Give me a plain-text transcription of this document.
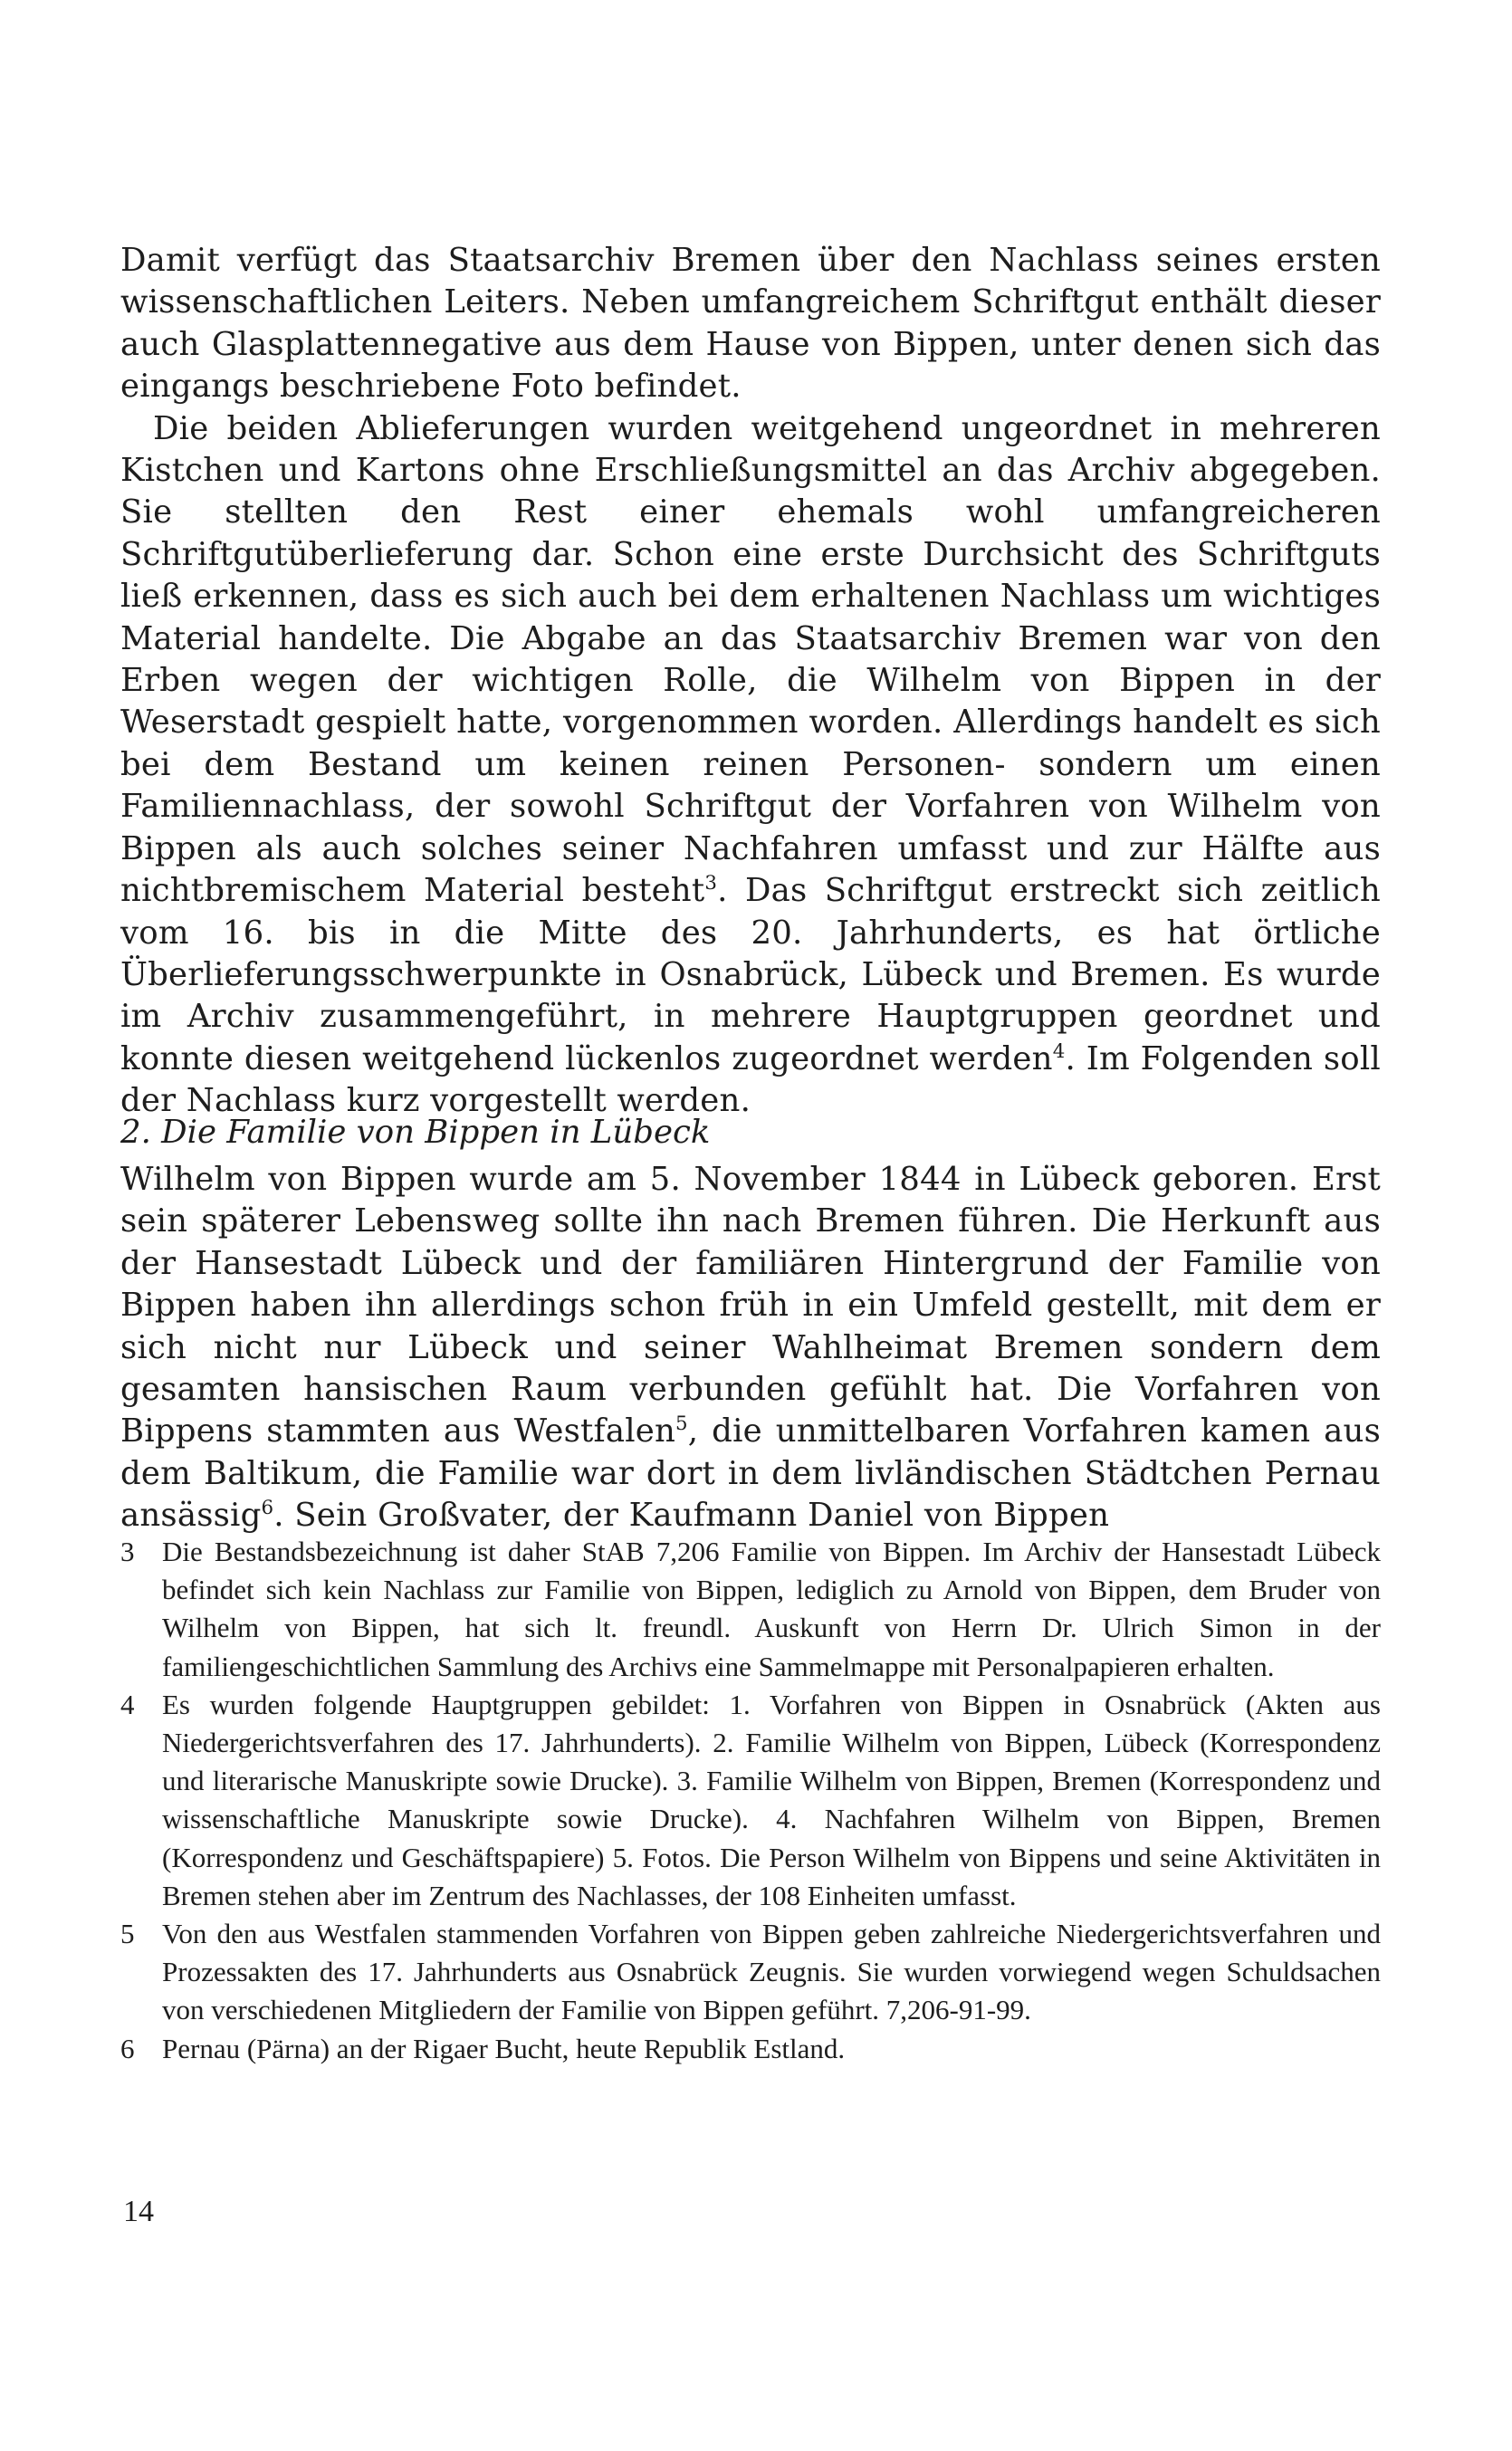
Damit verfügt das Staatsarchiv Bremen über den Nachlass seines ersten wissenschaftlichen Leiters. Neben umfangreichem Schriftgut enthält dieser auch Glasplattennegative aus dem Hause von Bippen, unter denen sich das eingangs beschriebene Foto befindet.

Die beiden Ablieferungen wurden weitgehend ungeordnet in mehreren Kistchen und Kartons ohne Erschließungsmittel an das Archiv abgegeben. Sie stellten den Rest einer ehemals wohl umfangreicheren Schriftgutüberlieferung dar. Schon eine erste Durchsicht des Schriftguts ließ erkennen, dass es sich auch bei dem erhaltenen Nachlass um wichtiges Material handelte. Die Abgabe an das Staatsarchiv Bremen war von den Erben wegen der wichtigen Rolle, die Wilhelm von Bippen in der Weserstadt gespielt hatte, vorgenommen worden. Allerdings handelt es sich bei dem Bestand um keinen reinen Personen- sondern um einen Familiennachlass, der sowohl Schriftgut der Vorfahren von Wilhelm von Bippen als auch solches seiner Nachfahren umfasst und zur Hälfte aus nichtbremischem Material besteht$^3$. Das Schriftgut erstreckt sich zeitlich vom 16. bis in die Mitte des 20. Jahrhunderts, es hat örtliche Überlieferungsschwerpunkte in Osnabrück, Lübeck und Bremen. Es wurde im Archiv zusammengeführt, in mehrere Hauptgruppen geordnet und konnte diesen weitgehend lückenlos zugeordnet werden$^4$. Im Folgenden soll der Nachlass kurz vorgestellt werden.

2. Die Familie von Bippen in Lübeck

Wilhelm von Bippen wurde am 5. November 1844 in Lübeck geboren. Erst sein späterer Lebensweg sollte ihn nach Bremen führen. Die Herkunft aus der Hansestadt Lübeck und der familiären Hintergrund der Familie von Bippen haben ihn allerdings schon früh in ein Umfeld gestellt, mit dem er sich nicht nur Lübeck und seiner Wahlheimat Bremen sondern dem gesamten hansischen Raum verbunden gefühlt hat. Die Vorfahren von Bippens stammten aus Westfalen$^5$, die unmittelbaren Vorfahren kamen aus dem Baltikum, die Familie war dort in dem livländischen Städtchen Pernau ansässig$^6$. Sein Großvater, der Kaufmann Daniel von Bippen

3 Die Bestandsbezeichnung ist daher StAB 7,206 Familie von Bippen. Im Archiv der Hansestadt Lübeck befindet sich kein Nachlass zur Familie von Bippen, lediglich zu Arnold von Bippen, dem Bruder von Wilhelm von Bippen, hat sich lt. freundl. Auskunft von Herrn Dr. Ulrich Simon in der familiengeschichtlichen Sammlung des Archivs eine Sammelmappe mit Personalpapieren erhalten.
4 Es wurden folgende Hauptgruppen gebildet: 1. Vorfahren von Bippen in Osnabrück (Akten aus Niedergerichtsverfahren des 17. Jahrhunderts). 2. Familie Wilhelm von Bippen, Lübeck (Korrespondenz und literarische Manuskripte sowie Drucke). 3. Familie Wilhelm von Bippen, Bremen (Korrespondenz und wissenschaftliche Manuskripte sowie Drucke). 4. Nachfahren Wilhelm von Bippen, Bremen (Korrespondenz und Geschäftspapiere) 5. Fotos. Die Person Wilhelm von Bippens und seine Aktivitäten in Bremen stehen aber im Zentrum des Nachlasses, der 108 Einheiten umfasst.
5 Von den aus Westfalen stammenden Vorfahren von Bippen geben zahlreiche Niedergerichtsverfahren und Prozessakten des 17. Jahrhunderts aus Osnabrück Zeugnis. Sie wurden vorwiegend wegen Schuldsachen von verschiedenen Mitgliedern der Familie von Bippen geführt. 7,206-91-99.
6 Pernau (Pärna) an der Rigaer Bucht, heute Republik Estland.
14
